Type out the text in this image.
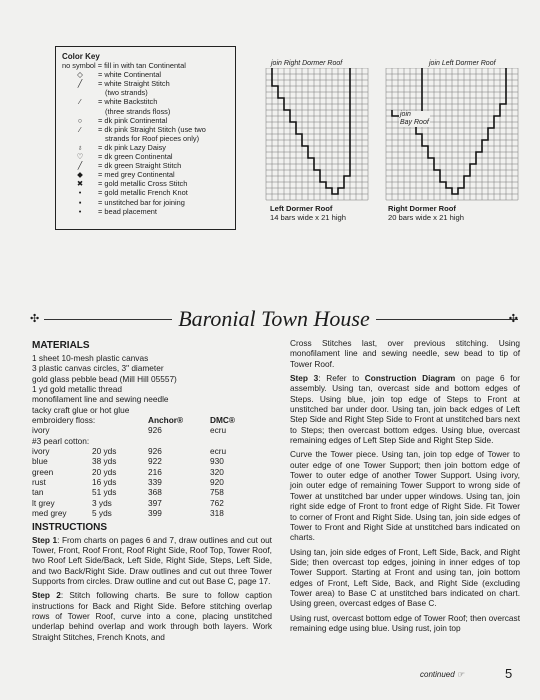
Color Key
no symbol = fill in with tan Continental
◇	= white Continental
╱	= white Straight Stitch
(two strands)
⁄	= white Backstitch
(three strands floss)
○	= dk pink Continental
⁄	= dk pink Straight Stitch (use two
strands for Roof pieces only)
♁	= dk pink Lazy Daisy
♡	= dk green Continental
╱	= dk green Straight Stitch
◆	= med grey Continental
✖	= gold metallic Cross Stitch
•	= gold metallic French Knot
▪	= unstitched bar for joining
•	= bead placement
join Right Dormer Roof
Left Dormer Roof
14 bars wide x 21 high
join Left Dormer Roof
join
Bay Roof
Right Dormer Roof
20 bars wide x 21 high
✣	✣
Baronial Town House
MATERIALS
1 sheet 10-mesh plastic canvas
3 plastic canvas circles, 3" diameter
gold glass pebble bead (Mill Hill 05557)
1 yd gold metallic thread
monofilament line and sewing needle
tacky craft glue or hot glue
embroidery floss:		Anchor®	DMC®
ivory		926	ecru
#3 pearl cotton:			
ivory	20 yds	926	ecru
blue	38 yds	922	930
green	20 yds	216	320
rust	16 yds	339	920
tan	51 yds	368	758
lt grey	3 yds	397	762
med grey	5 yds	399	318
INSTRUCTIONS

Step 1: From charts on pages 6 and 7, draw outlines and cut out Tower, Front, Roof Front, Roof Right Side, Roof Top, Tower Roof, two Roof Left Side/Back, Left Side, Right Side, Steps, Left Side, and two Back/Right Side. Draw outlines and cut out three Tower Supports from circles. Draw outline and cut out Base C, page 17.

Step 2: Stitch following charts. Be sure to follow caption instructions for Back and Right Side. Before stitching overlap rows of Tower Roof, curve into a cone, placing unstitched underlap behind overlap and work through both layers. Work Straight Stitches, French Knots, and

Cross Stitches last, over previous stitching. Using monofilament line and sewing needle, sew bead to tip of Tower Roof.

Step 3: Refer to Construction Diagram on page 6 for assembly. Using tan, overcast side and bottom edges of Steps. Using blue, join top edge of Steps to Front at unstitched bar under door. Using tan, join back edges of Left Step Side and Right Step Side to Front at unstitched bars next to Steps; then overcast bottom edges. Using blue, overcast remaining edges of Left Step Side and Right Step Side.

Curve the Tower piece. Using tan, join top edge of Tower to outer edge of one Tower Support; then join bottom edge of Tower to outer edge of another Tower Support. Using ivory, join outer edge of remaining Tower Support to wrong side of Tower at unstitched bar under upper windows. Using tan, join right side edge of Front to front edge of Right Side. Fit Tower to corner of Front and Right Side. Using tan, join side edges of Tower to Front and Right Side at unstitched bars indicated on charts.

Using tan, join side edges of Front, Left Side, Back, and Right Side; then overcast top edges, joining in inner edges of top Tower Support. Starting at Front and using tan, join bottom edges of Front, Left Side, Back, and Right Side (excluding Tower area) to Base C at unstitched bars indicated on chart. Using green, overcast edges of Base C.

Using rust, overcast bottom edge of Tower Roof; then overcast remaining edge using blue. Using rust, join top

continued ☞	5
